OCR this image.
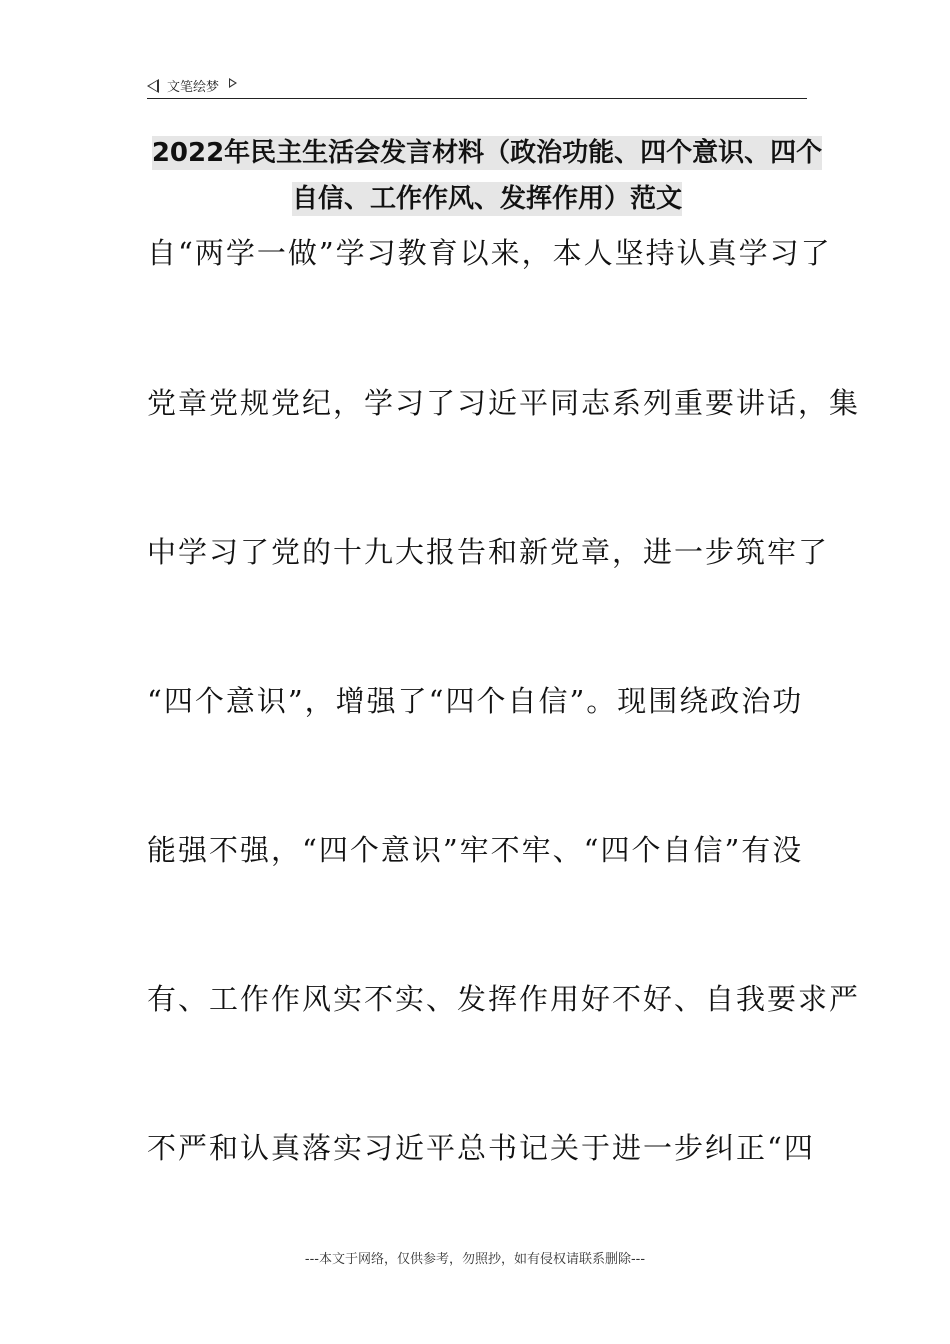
文笔绘梦
2022年民主生活会发言材料（政治功能、四个意识、四个自信、工作作风、发挥作用）范文
自“两学一做”学习教育以来，本人坚持认真学习了
党章党规党纪，学习了习近平同志系列重要讲话，集
中学习了党的十九大报告和新党章，进一步筑牢了
“四个意识”，增强了“四个自信”。现围绕政治功
能强不强，“四个意识”牢不牢、“四个自信”有没
有、工作作风实不实、发挥作用好不好、自我要求严
不严和认真落实习近平总书记关于进一步纠正“四
---本文于网络，仅供参考，勿照抄，如有侵权请联系删除---
